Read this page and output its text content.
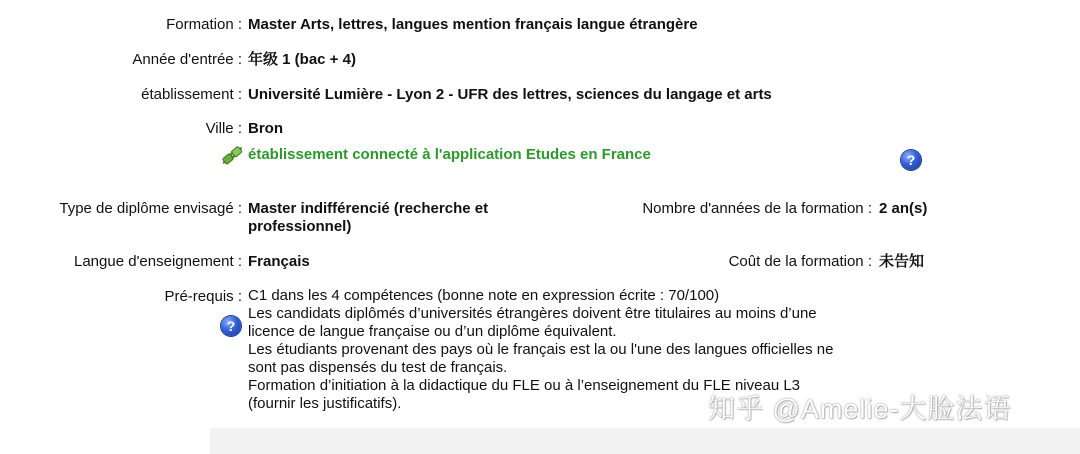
Formation : Master Arts, lettres, langues mention français langue étrangère
Année d'entrée : 年级 1 (bac + 4)
établissement : Université Lumière - Lyon 2 - UFR des lettres, sciences du langage et arts
Ville : Bron
établissement connecté à l'application Etudes en France	?
Type de diplôme envisagé : Master indifférencié (recherche et
professionnel)
Nombre d'années de la formation : 2 an(s)
Langue d'enseignement : Français	Coût de la formation : 未告知
Pré-requis :
?
C1 dans les 4 compétences (bonne note en expression écrite : 70/100)
Les candidats diplômés d’universités étrangères doivent être titulaires au moins d’une
licence de langue française ou d’un diplôme équivalent.
Les étudiants provenant des pays où le français est la ou l'une des langues officielles ne
sont pas dispensés du test de français.
Formation d’initiation à la didactique du FLE ou à l’enseignement du FLE niveau L3
(fournir les justificatifs).	知乎 @Amelie-大脸法语
